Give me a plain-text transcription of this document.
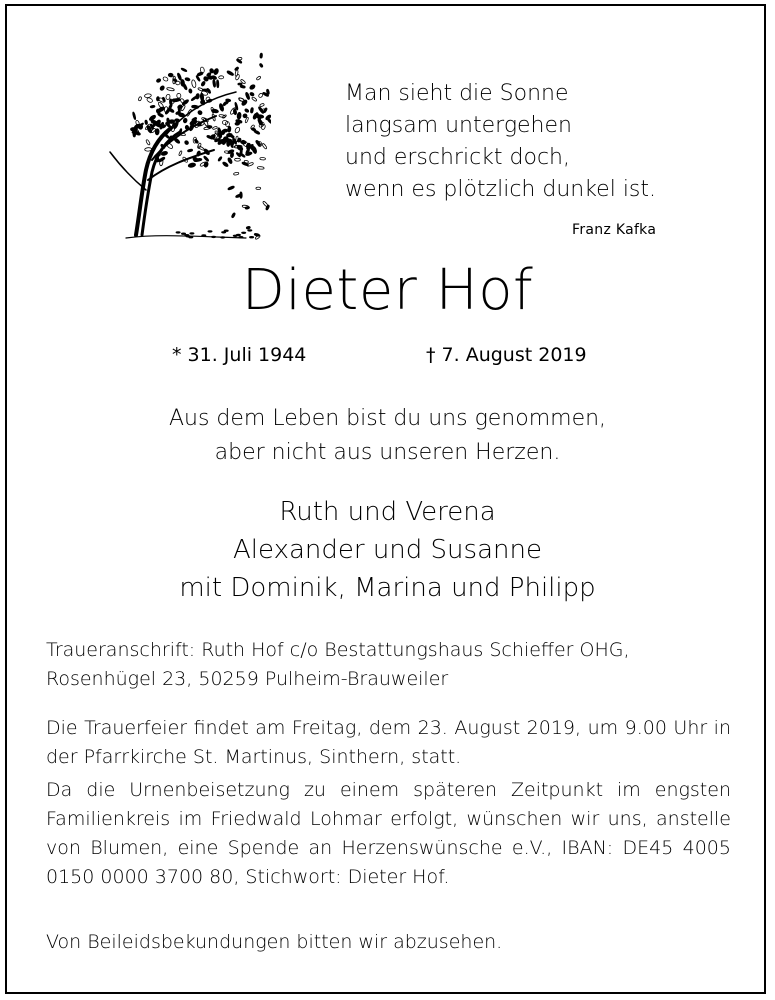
Man sieht die Sonne
langsam untergehen
und erschrickt doch,
wenn es plötzlich dunkel ist.
Franz Kafka
Dieter Hof
* 31. Juli 1944	† 7. August 2019
Aus dem Leben bist du uns genommen,
aber nicht aus unseren Herzen.
Ruth und Verena
Alexander und Susanne
mit Dominik, Marina und Philipp
Traueranschrift: Ruth Hof c/o Bestattungshaus Schieffer OHG,
Rosenhügel 23, 50259 Pulheim-Brauweiler
Die Trauerfeier findet am Freitag, dem 23. August 2019, um 9.00 Uhr in der Pfarrkirche St. Martinus, Sinthern, statt.
Da die Urnenbeisetzung zu einem späteren Zeitpunkt im engsten Familienkreis im Friedwald Lohmar erfolgt, wünschen wir uns, anstelle von Blumen, eine Spende an Herzenswünsche e.V., IBAN: DE45 4005 0150 0000 3700 80, Stichwort: Dieter Hof.
Von Beileidsbekundungen bitten wir abzusehen.
